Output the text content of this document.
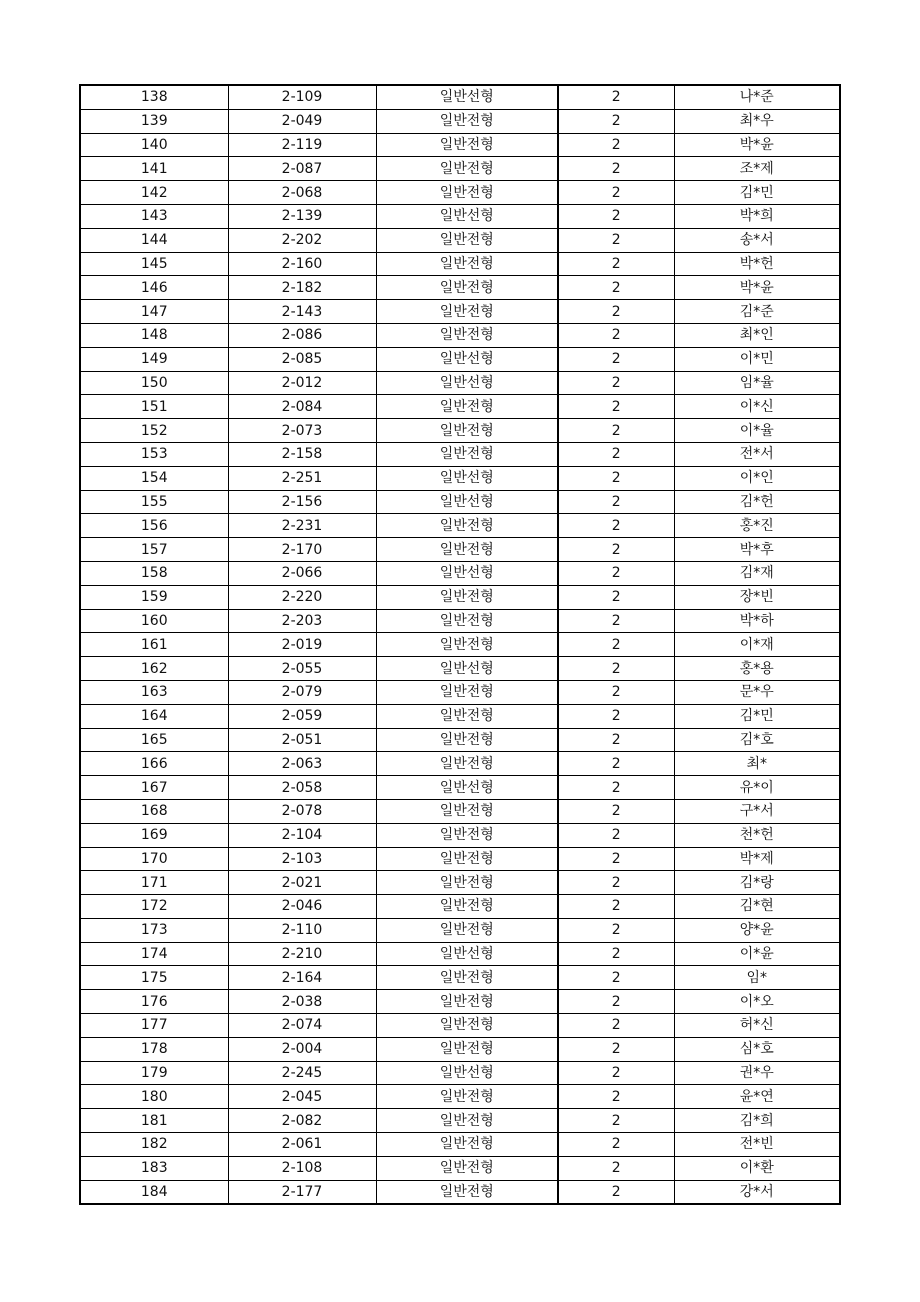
138	2-109	일반선형	2	나*준
139	2-049	일반전형	2	최*우
140	2-119	일반전형	2	박*윤
141	2-087	일반전형	2	조*제
142	2-068	일반전형	2	김*민
143	2-139	일반선형	2	박*희
144	2-202	일반전형	2	송*서
145	2-160	일반전형	2	박*헌
146	2-182	일반전형	2	박*윤
147	2-143	일반전형	2	김*준
148	2-086	일반전형	2	최*인
149	2-085	일반선형	2	이*민
150	2-012	일반선형	2	임*율
151	2-084	일반전형	2	이*신
152	2-073	일반전형	2	이*율
153	2-158	일반전형	2	전*서
154	2-251	일반선형	2	이*인
155	2-156	일반선형	2	김*헌
156	2-231	일반전형	2	홍*진
157	2-170	일반전형	2	박*후
158	2-066	일반선형	2	김*재
159	2-220	일반전형	2	장*빈
160	2-203	일반전형	2	박*하
161	2-019	일반전형	2	이*재
162	2-055	일반선형	2	홍*용
163	2-079	일반전형	2	문*우
164	2-059	일반전형	2	김*민
165	2-051	일반전형	2	김*호
166	2-063	일반전형	2	최*
167	2-058	일반선형	2	유*이
168	2-078	일반전형	2	구*서
169	2-104	일반전형	2	천*헌
170	2-103	일반전형	2	박*제
171	2-021	일반전형	2	김*랑
172	2-046	일반전형	2	김*현
173	2-110	일반전형	2	양*윤
174	2-210	일반선형	2	이*윤
175	2-164	일반전형	2	임*
176	2-038	일반전형	2	이*오
177	2-074	일반전형	2	허*신
178	2-004	일반전형	2	심*호
179	2-245	일반선형	2	권*우
180	2-045	일반전형	2	윤*연
181	2-082	일반전형	2	김*희
182	2-061	일반전형	2	전*빈
183	2-108	일반전형	2	이*환
184	2-177	일반전형	2	강*서
